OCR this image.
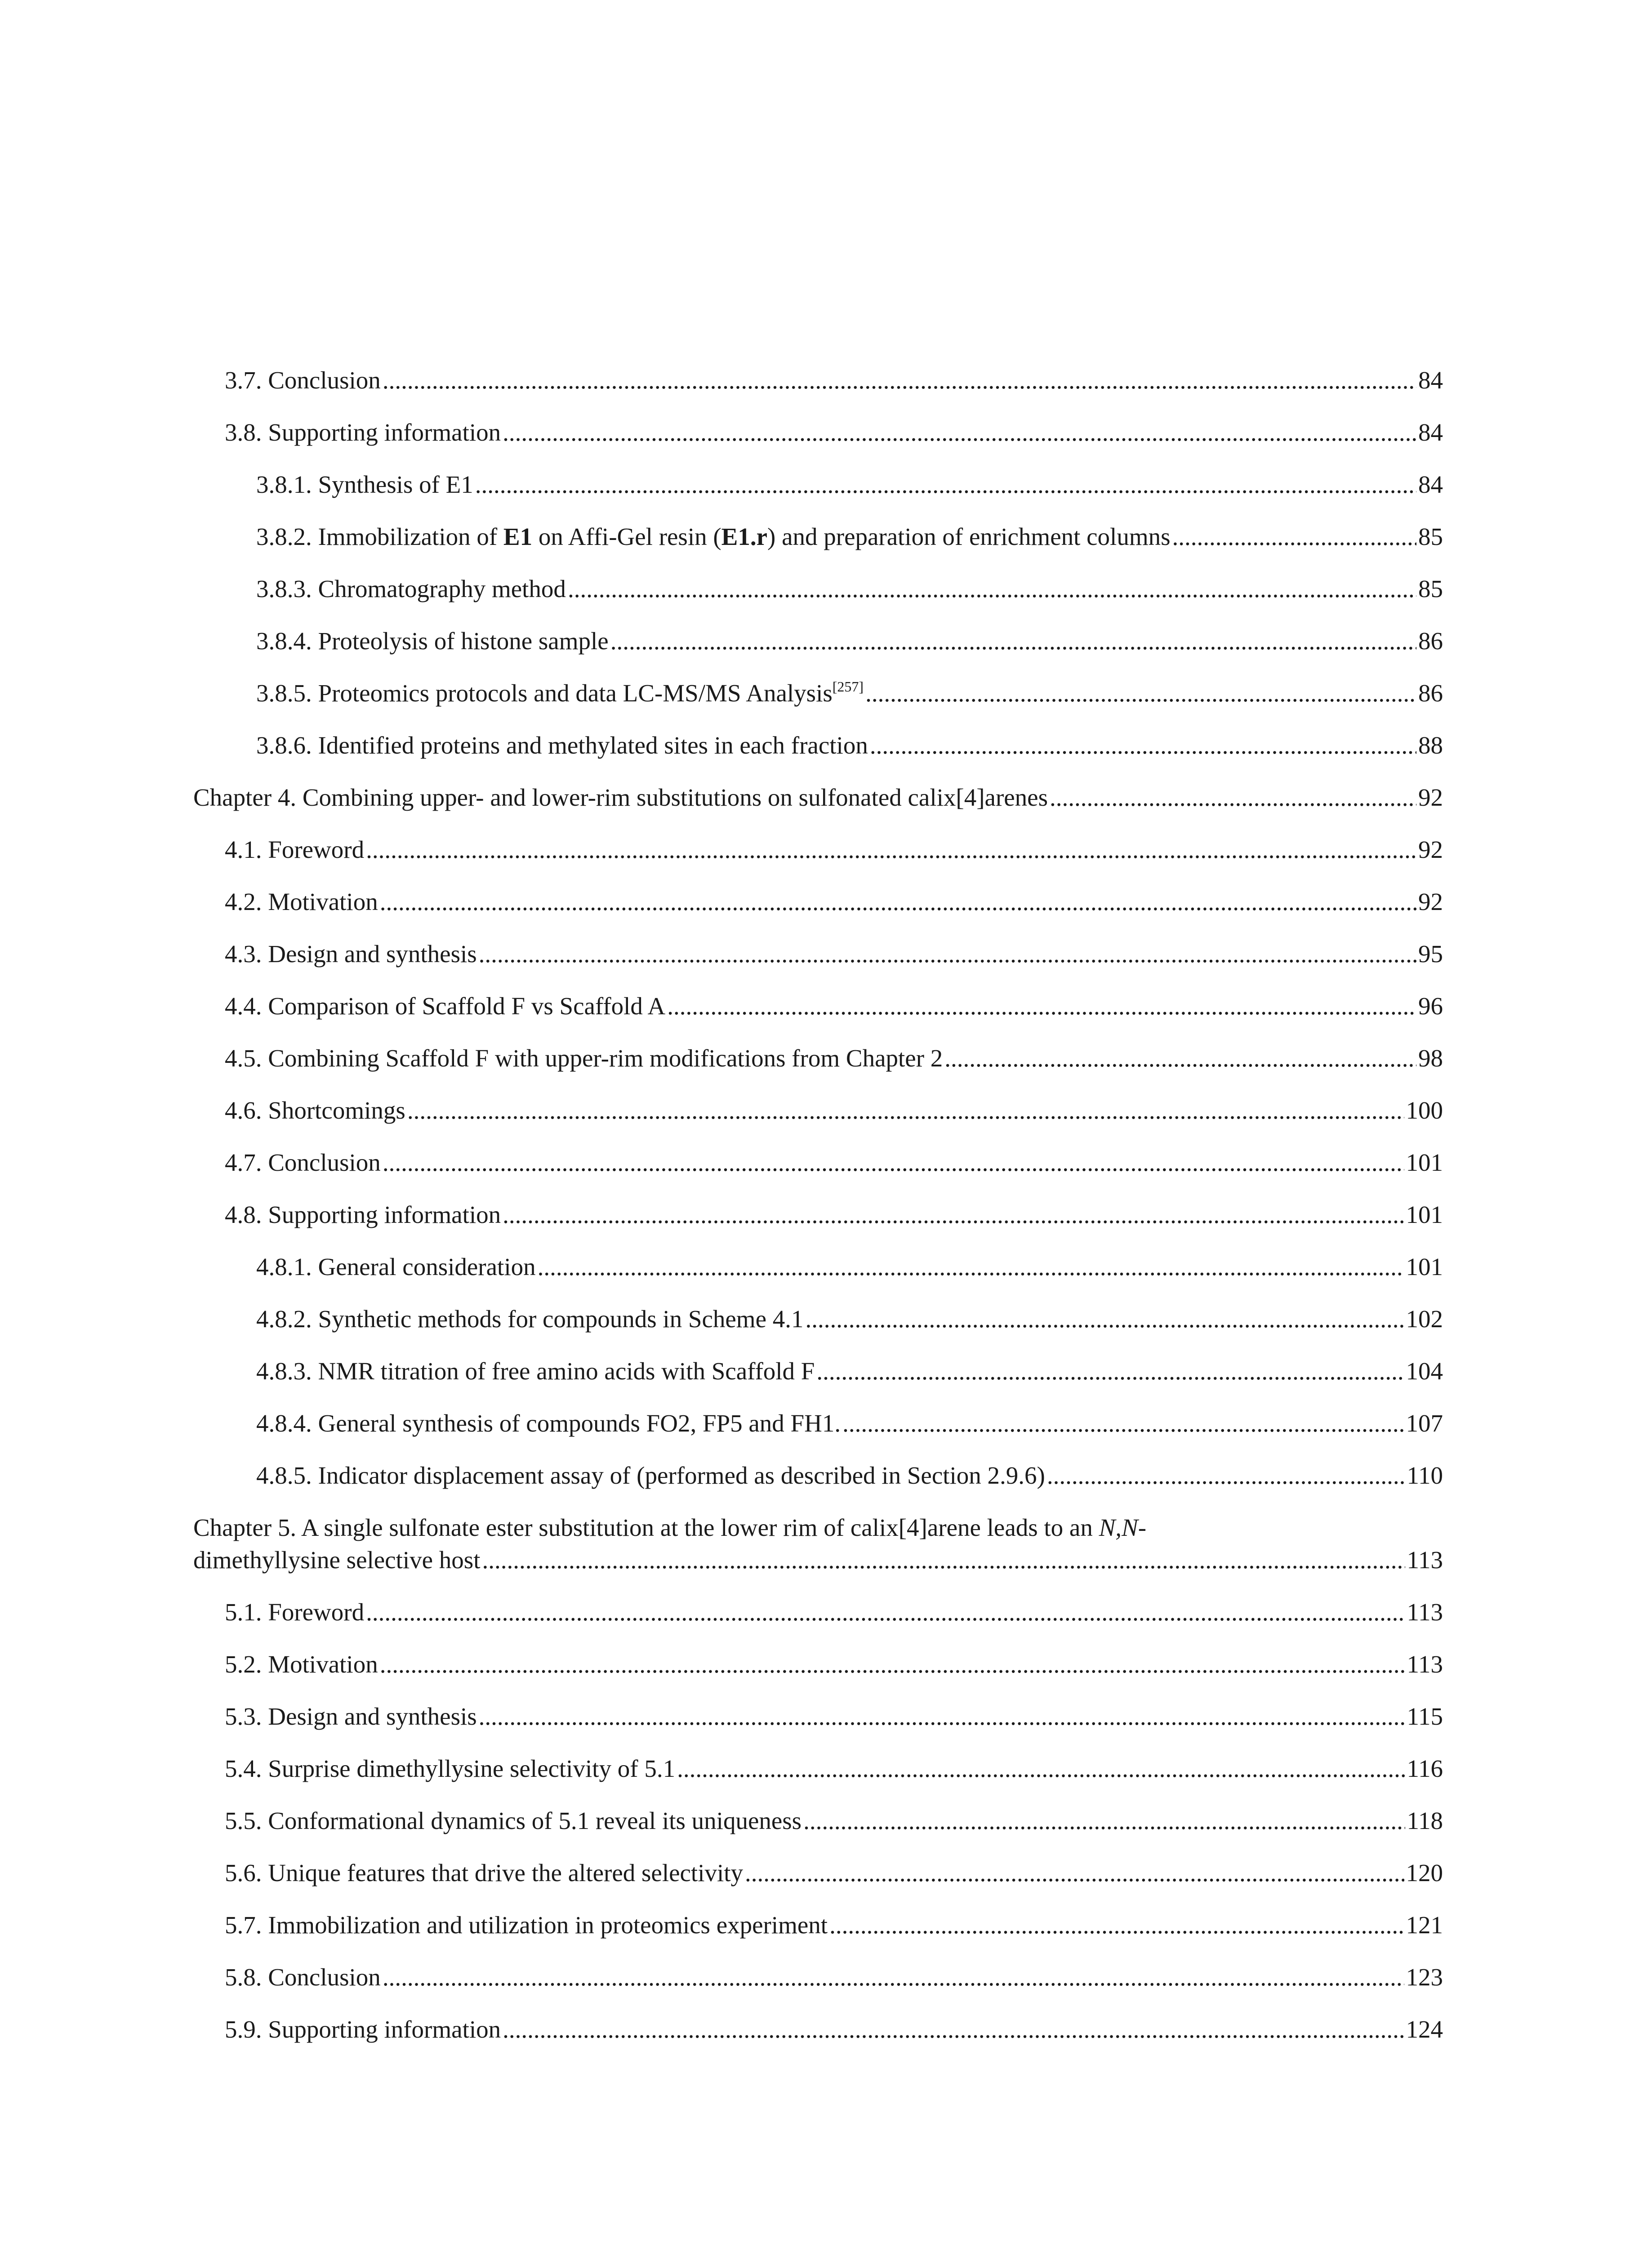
3.7. Conclusion .....	84
3.8. Supporting information .....	84
3.8.1. Synthesis of E1 .....	84
3.8.2. Immobilization of E1 on Affi-Gel resin (E1.r) and preparation of enrichment columns .....	85
3.8.3. Chromatography method .....	85
3.8.4. Proteolysis of histone sample .....	86
3.8.5. Proteomics protocols and data LC-MS/MS Analysis[257] .....	86
3.8.6. Identified proteins and methylated sites in each fraction .....	88
Chapter 4. Combining upper- and lower-rim substitutions on sulfonated calix[4]arenes .....	92
4.1. Foreword .....	92
4.2. Motivation .....	92
4.3. Design and synthesis .....	95
4.4. Comparison of Scaffold F vs Scaffold A .....	96
4.5. Combining Scaffold F with upper-rim modifications from Chapter 2 .....	98
4.6. Shortcomings .....	100
4.7. Conclusion .....	101
4.8. Supporting information .....	101
4.8.1. General consideration .....	101
4.8.2. Synthetic methods for compounds in Scheme 4.1 .....	102
4.8.3. NMR titration of free amino acids with Scaffold F .....	104
4.8.4. General synthesis of compounds FO2, FP5 and FH1. .....	107
4.8.5. Indicator displacement assay of (performed as described in Section 2.9.6) .....	110
Chapter 5. A single sulfonate ester substitution at the lower rim of calix[4]arene leads to an N,N-
dimethyllysine selective host .....	113
5.1. Foreword .....	113
5.2. Motivation .....	113
5.3. Design and synthesis .....	115
5.4. Surprise dimethyllysine selectivity of 5.1 .....	116
5.5. Conformational dynamics of 5.1 reveal its uniqueness .....	118
5.6. Unique features that drive the altered selectivity .....	120
5.7. Immobilization and utilization in proteomics experiment .....	121
5.8. Conclusion .....	123
5.9. Supporting information .....	124
